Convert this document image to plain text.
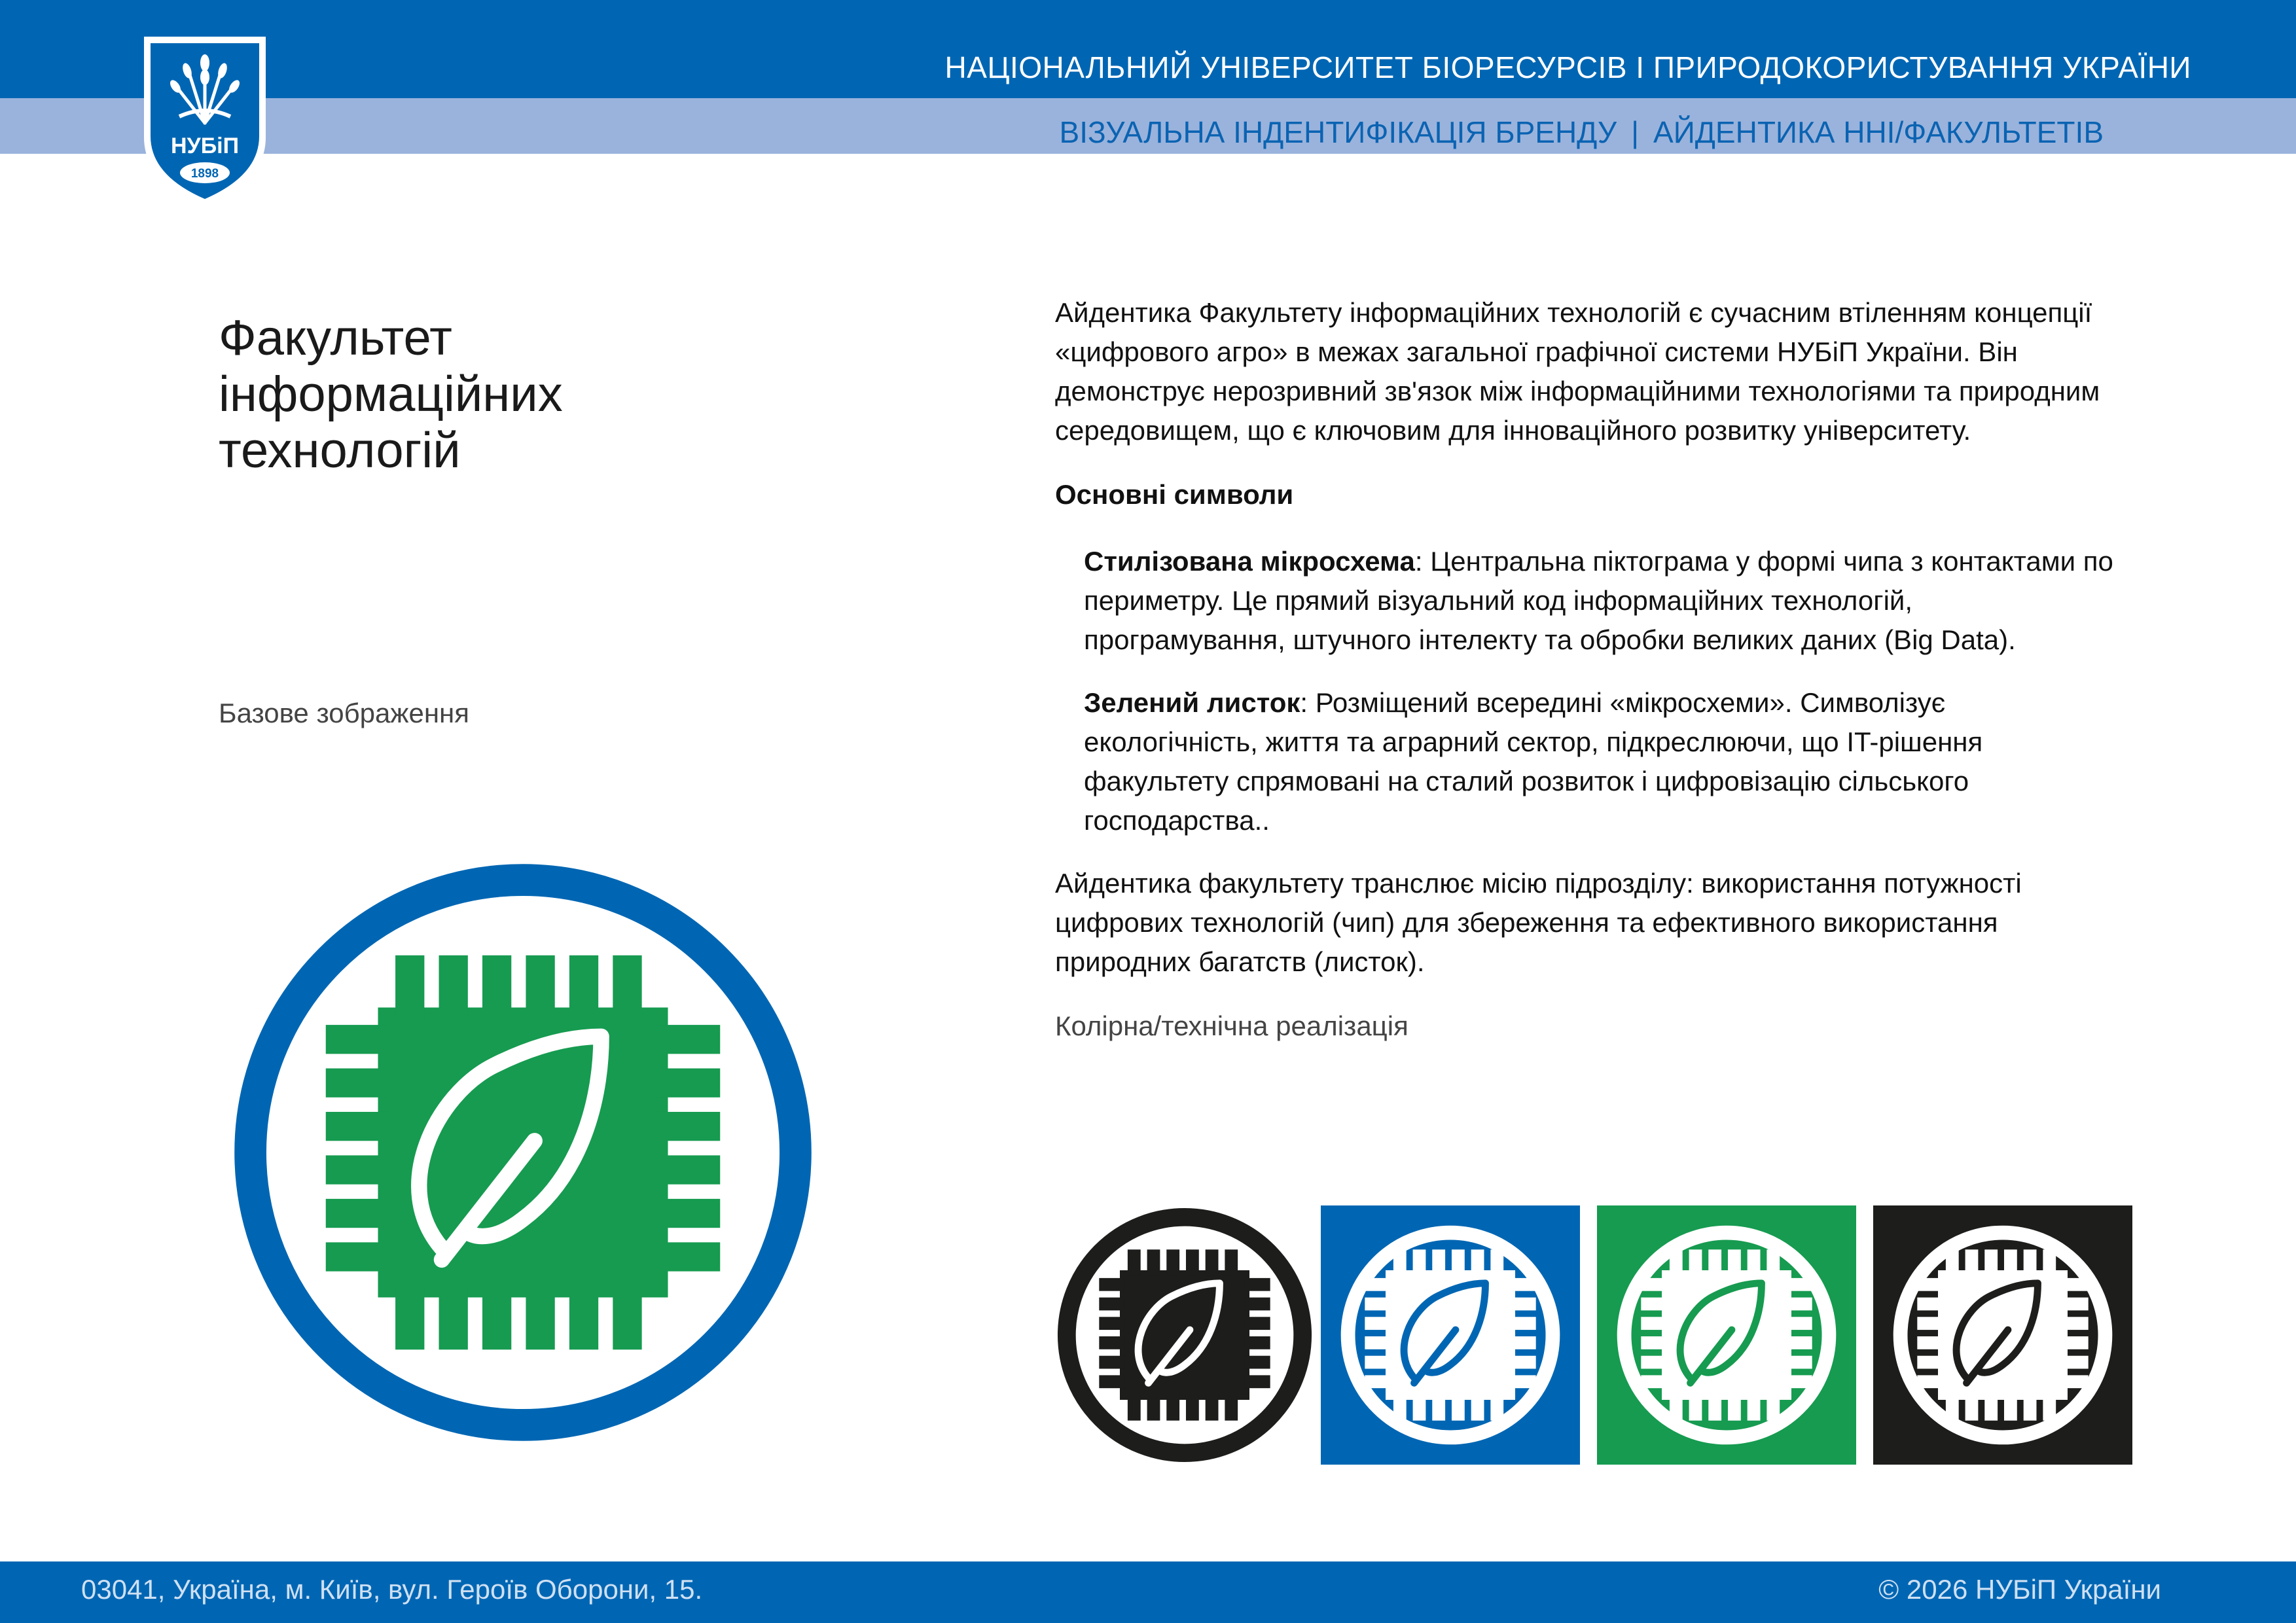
НАЦІОНАЛЬНИЙ УНІВЕРСИТЕТ БІОРЕСУРСІВ І ПРИРОДОКОРИСТУВАННЯ УКРАЇНИ
ВІЗУАЛЬНА ІНДЕНТИФІКАЦІЯ БРЕНДУ | АЙДЕНТИКА ННІ/ФАКУЛЬТЕТІВ
НУБіП
1898
Факультет
інформаційних
технологій
Базове зображення

Айдентика Факультету інформаційних технологій є сучасним втіленням концепції «цифрового агро» в межах загальної графічної системи НУБіП України. Він демонструє нерозривний зв'язок між інформаційними технологіями та природним середовищем, що є ключовим для інноваційного розвитку університету.

Основні символи

Стилізована мікросхема: Центральна піктограма у формі чипа з контактами по периметру. Це прямий візуальний код інформаційних технологій, програмування, штучного інтелекту та обробки великих даних (Big Data).

Зелений листок: Розміщений всередині «мікросхеми». Символізує екологічність, життя та аграрний сектор, підкреслюючи, що IT-рішення факультету спрямовані на сталий розвиток і цифровізацію сільського господарства..

Айдентика факультету транслює місію підрозділу: використання потужності цифрових технологій (чип) для збереження та ефективного використання природних багатств (листок).

Колірна/технічна реалізація

03041, Україна, м. Київ, вул. Героїв Оборони, 15.	© 2026 НУБіП України
